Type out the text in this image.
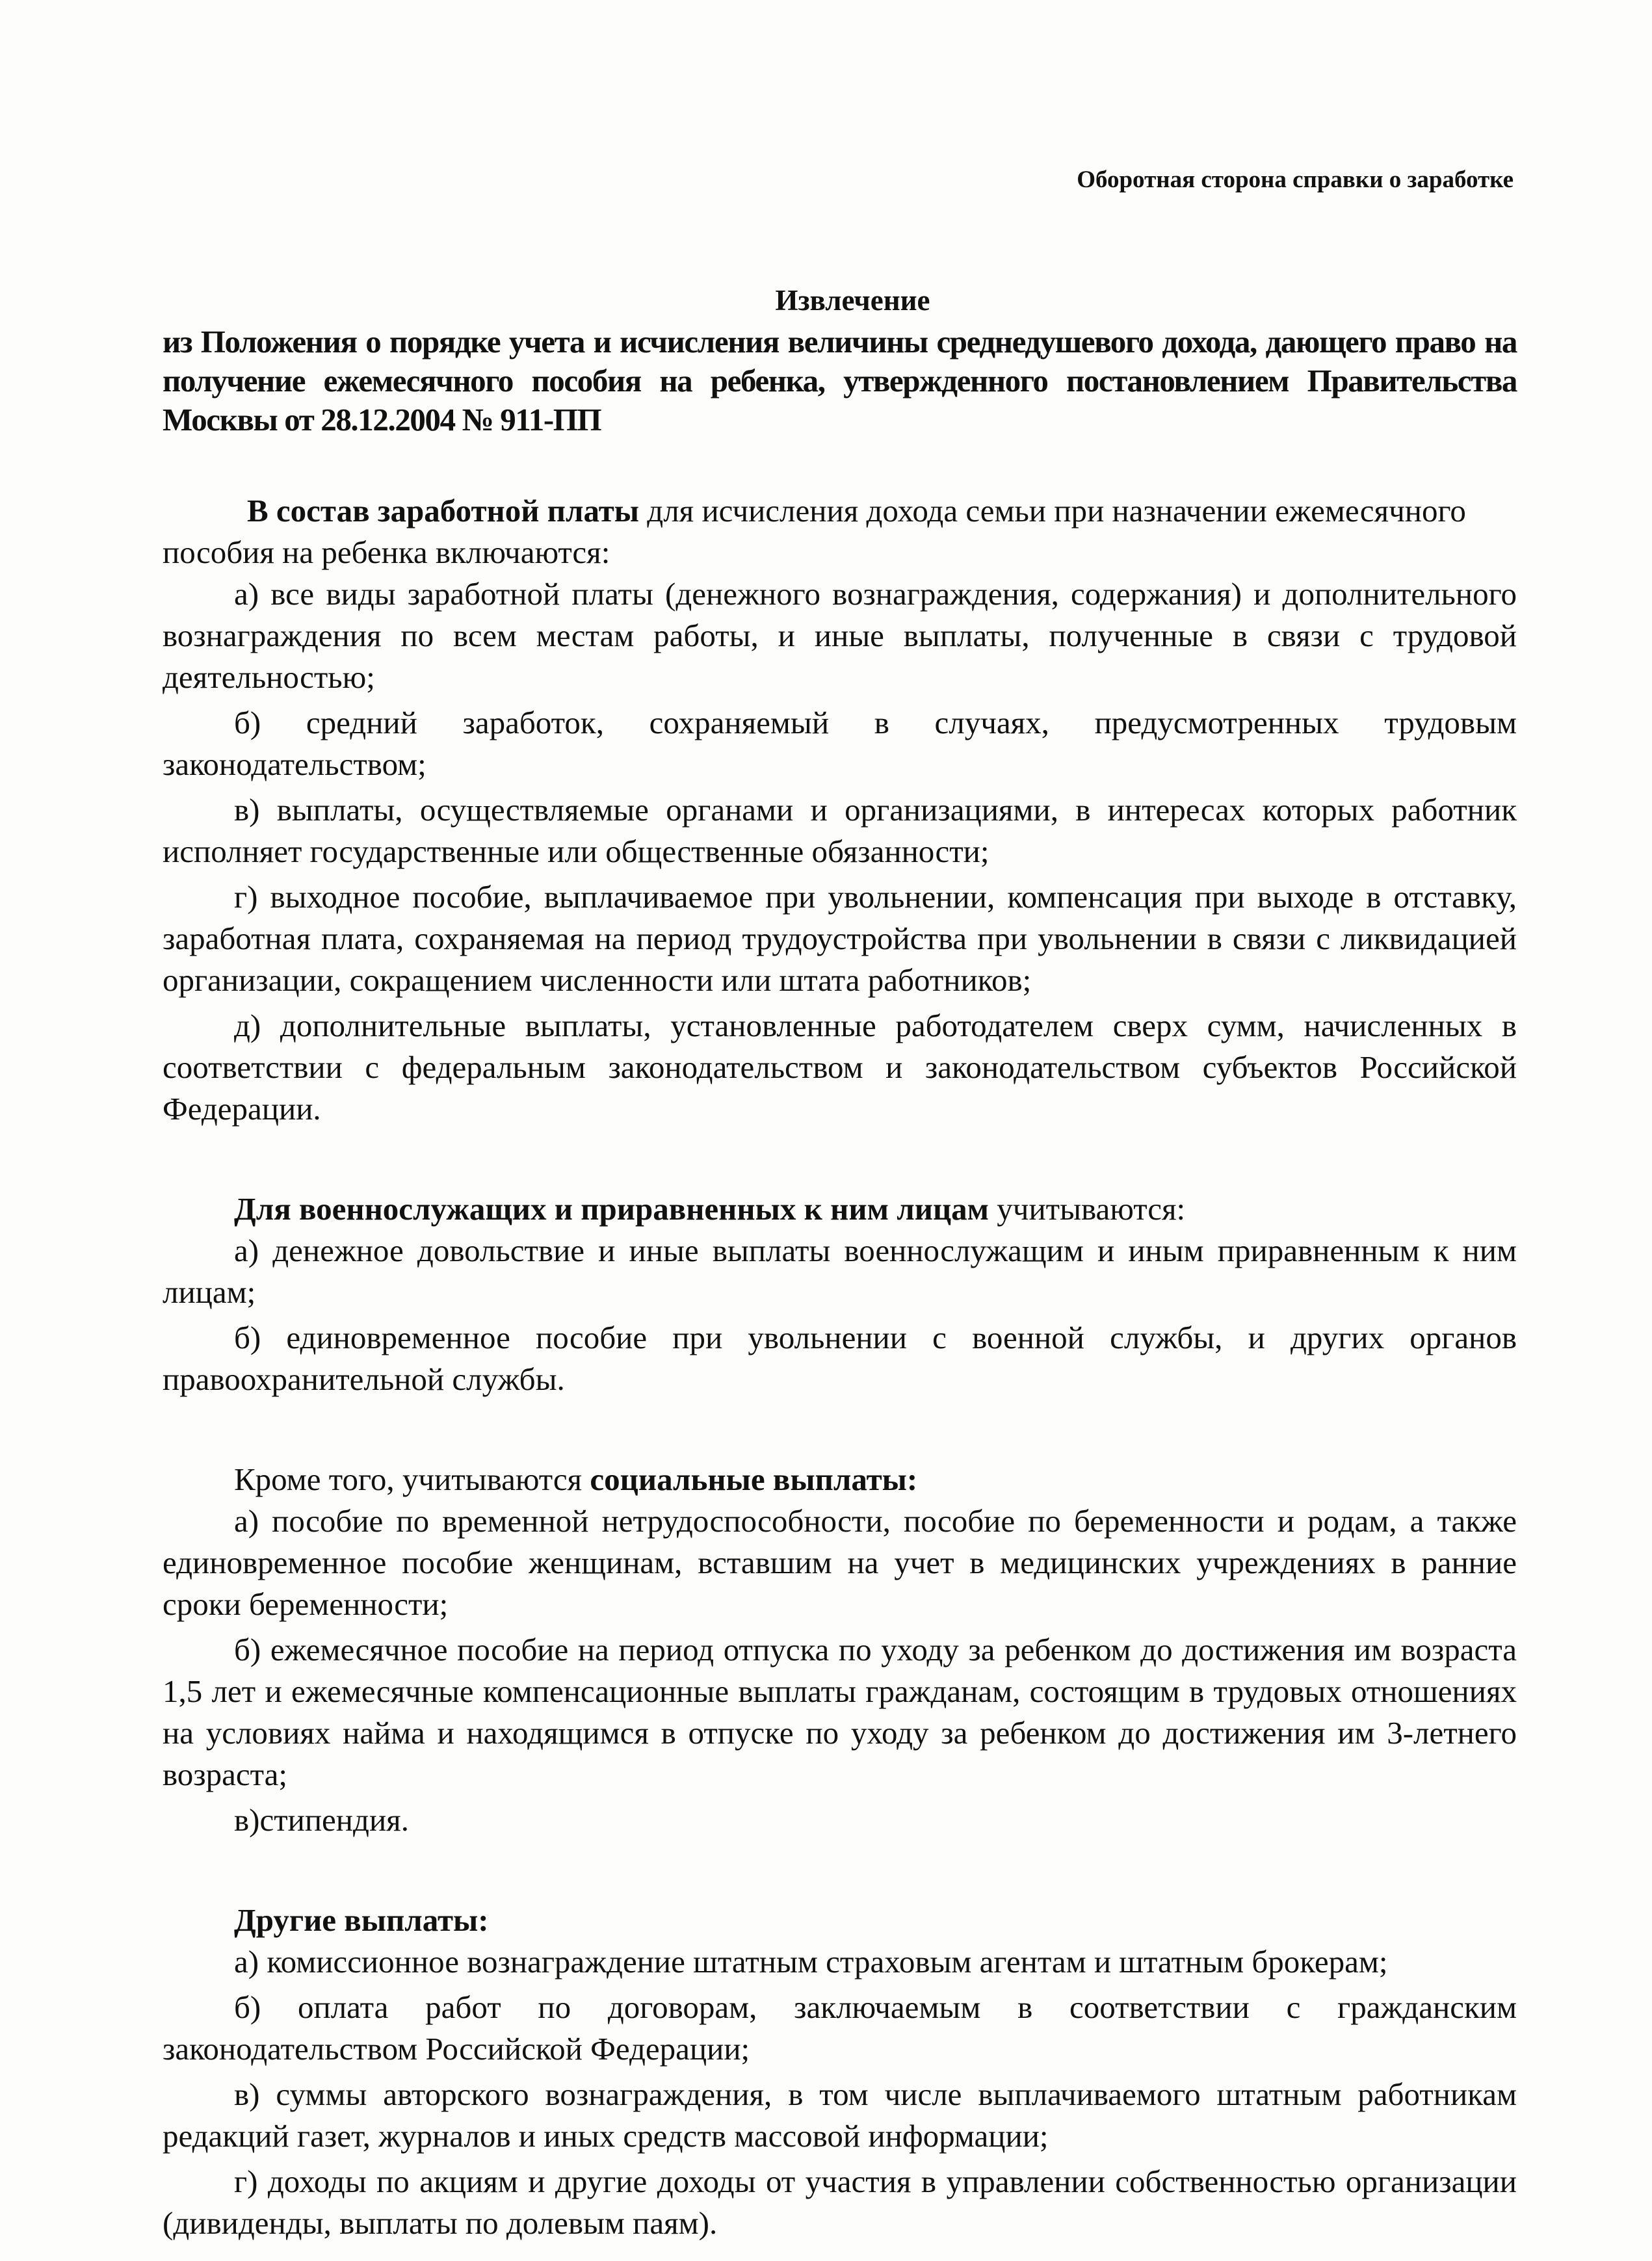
Оборотная сторона справки о заработке
Извлечение

из Положения о порядке учета и исчисления величины среднедушевого дохода, дающего право на получение ежемесячного пособия на ребенка, утвержденного постановлением Правительства Москвы от 28.12.2004 № 911-ПП

В состав заработной платы для исчисления дохода семьи при назначении ежемесячного пособия на ребенка включаются:

а) все виды заработной платы (денежного вознаграждения, содержания) и дополнительного вознаграждения по всем местам работы, и иные выплаты, полученные в связи с трудовой деятельностью;

б) средний заработок, сохраняемый в случаях, предусмотренных трудовым законодательством;

в) выплаты, осуществляемые органами и организациями, в интересах которых работник исполняет государственные или общественные обязанности;

г) выходное пособие, выплачиваемое при увольнении, компенсация при выходе в отставку, заработная плата, сохраняемая на период трудоустройства при увольнении в связи с ликвидацией организации, сокращением численности или штата работников;

д) дополнительные выплаты, установленные работодателем сверх сумм, начисленных в соответствии с федеральным законодательством и законодательством субъектов Российской Федерации.

Для военнослужащих и приравненных к ним лицам учитываются:

а) денежное довольствие и иные выплаты военнослужащим и иным приравненным к ним лицам;

б) единовременное пособие при увольнении с военной службы, и других органов правоохранительной службы.

Кроме того, учитываются социальные выплаты:

а) пособие по временной нетрудоспособности, пособие по беременности и родам, а также единовременное пособие женщинам, вставшим на учет в медицинских учреждениях в ранние сроки беременности;

б) ежемесячное пособие на период отпуска по уходу за ребенком до достижения им возраста 1,5 лет и ежемесячные компенсационные выплаты гражданам, состоящим в трудовых отношениях на условиях найма и находящимся в отпуске по уходу за ребенком до достижения им 3-летнего возраста;

в)стипендия.

Другие выплаты:

а) комиссионное вознаграждение штатным страховым агентам и штатным брокерам;

б) оплата работ по договорам, заключаемым в соответствии с гражданским законодательством Российской Федерации;

в) суммы авторского вознаграждения, в том числе выплачиваемого штатным работникам редакций газет, журналов и иных средств массовой информации;

г) доходы по акциям и другие доходы от участия в управлении собственностью организации (дивиденды, выплаты по долевым паям).
